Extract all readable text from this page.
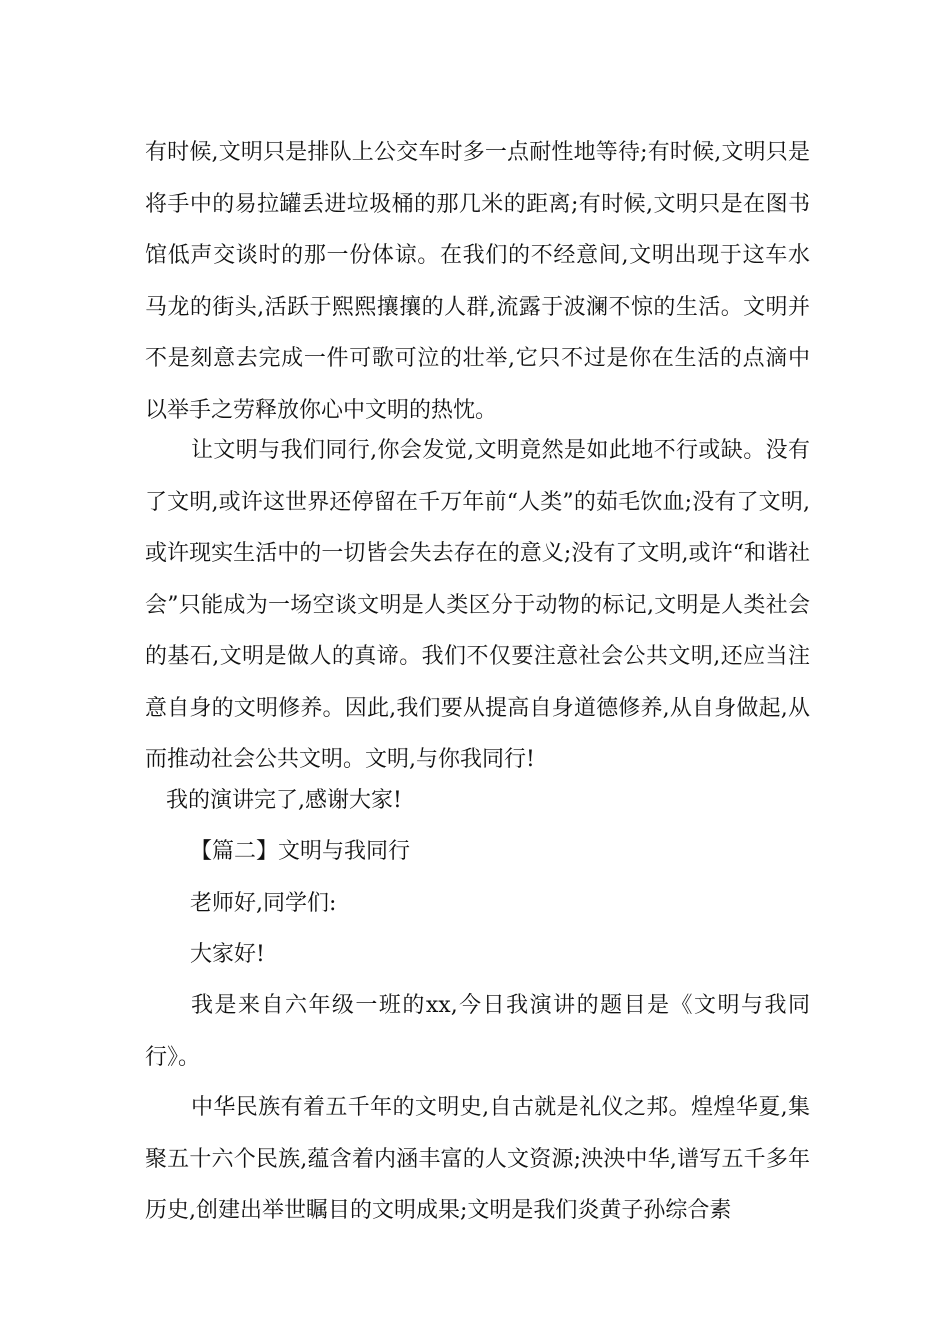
有时候,文明只是排队上公交车时多一点耐性地等待;有时候,文明只是将手中的易拉罐丢进垃圾桶的那几米的距离;有时候,文明只是在图书馆低声交谈时的那一份体谅。在我们的不经意间,文明出现于这车水马龙的街头,活跃于熙熙攘攘的人群,流露于波澜不惊的生活。文明并不是刻意去完成一件可歌可泣的壮举,它只不过是你在生活的点滴中以举手之劳释放你心中文明的热忱。

让文明与我们同行,你会发觉,文明竟然是如此地不行或缺。没有了文明,或许这世界还停留在千万年前“人类”的茹毛饮血;没有了文明,或许现实生活中的一切皆会失去存在的意义;没有了文明,或许“和谐社会”只能成为一场空谈文明是人类区分于动物的标记,文明是人类社会的基石,文明是做人的真谛。我们不仅要注意社会公共文明,还应当注意自身的文明修养。因此,我们要从提高自身道德修养,从自身做起,从而推动社会公共文明。文明,与你我同行!

我的演讲完了,感谢大家!

【篇二】文明与我同行

老师好,同学们:

大家好!

我是来自六年级一班的xx,今日我演讲的题目是《文明与我同行》。

中华民族有着五千年的文明史,自古就是礼仪之邦。煌煌华夏,集聚五十六个民族,蕴含着内涵丰富的人文资源;泱泱中华,谱写五千多年历史,创建出举世瞩目的文明成果;文明是我们炎黄子孙综合素
